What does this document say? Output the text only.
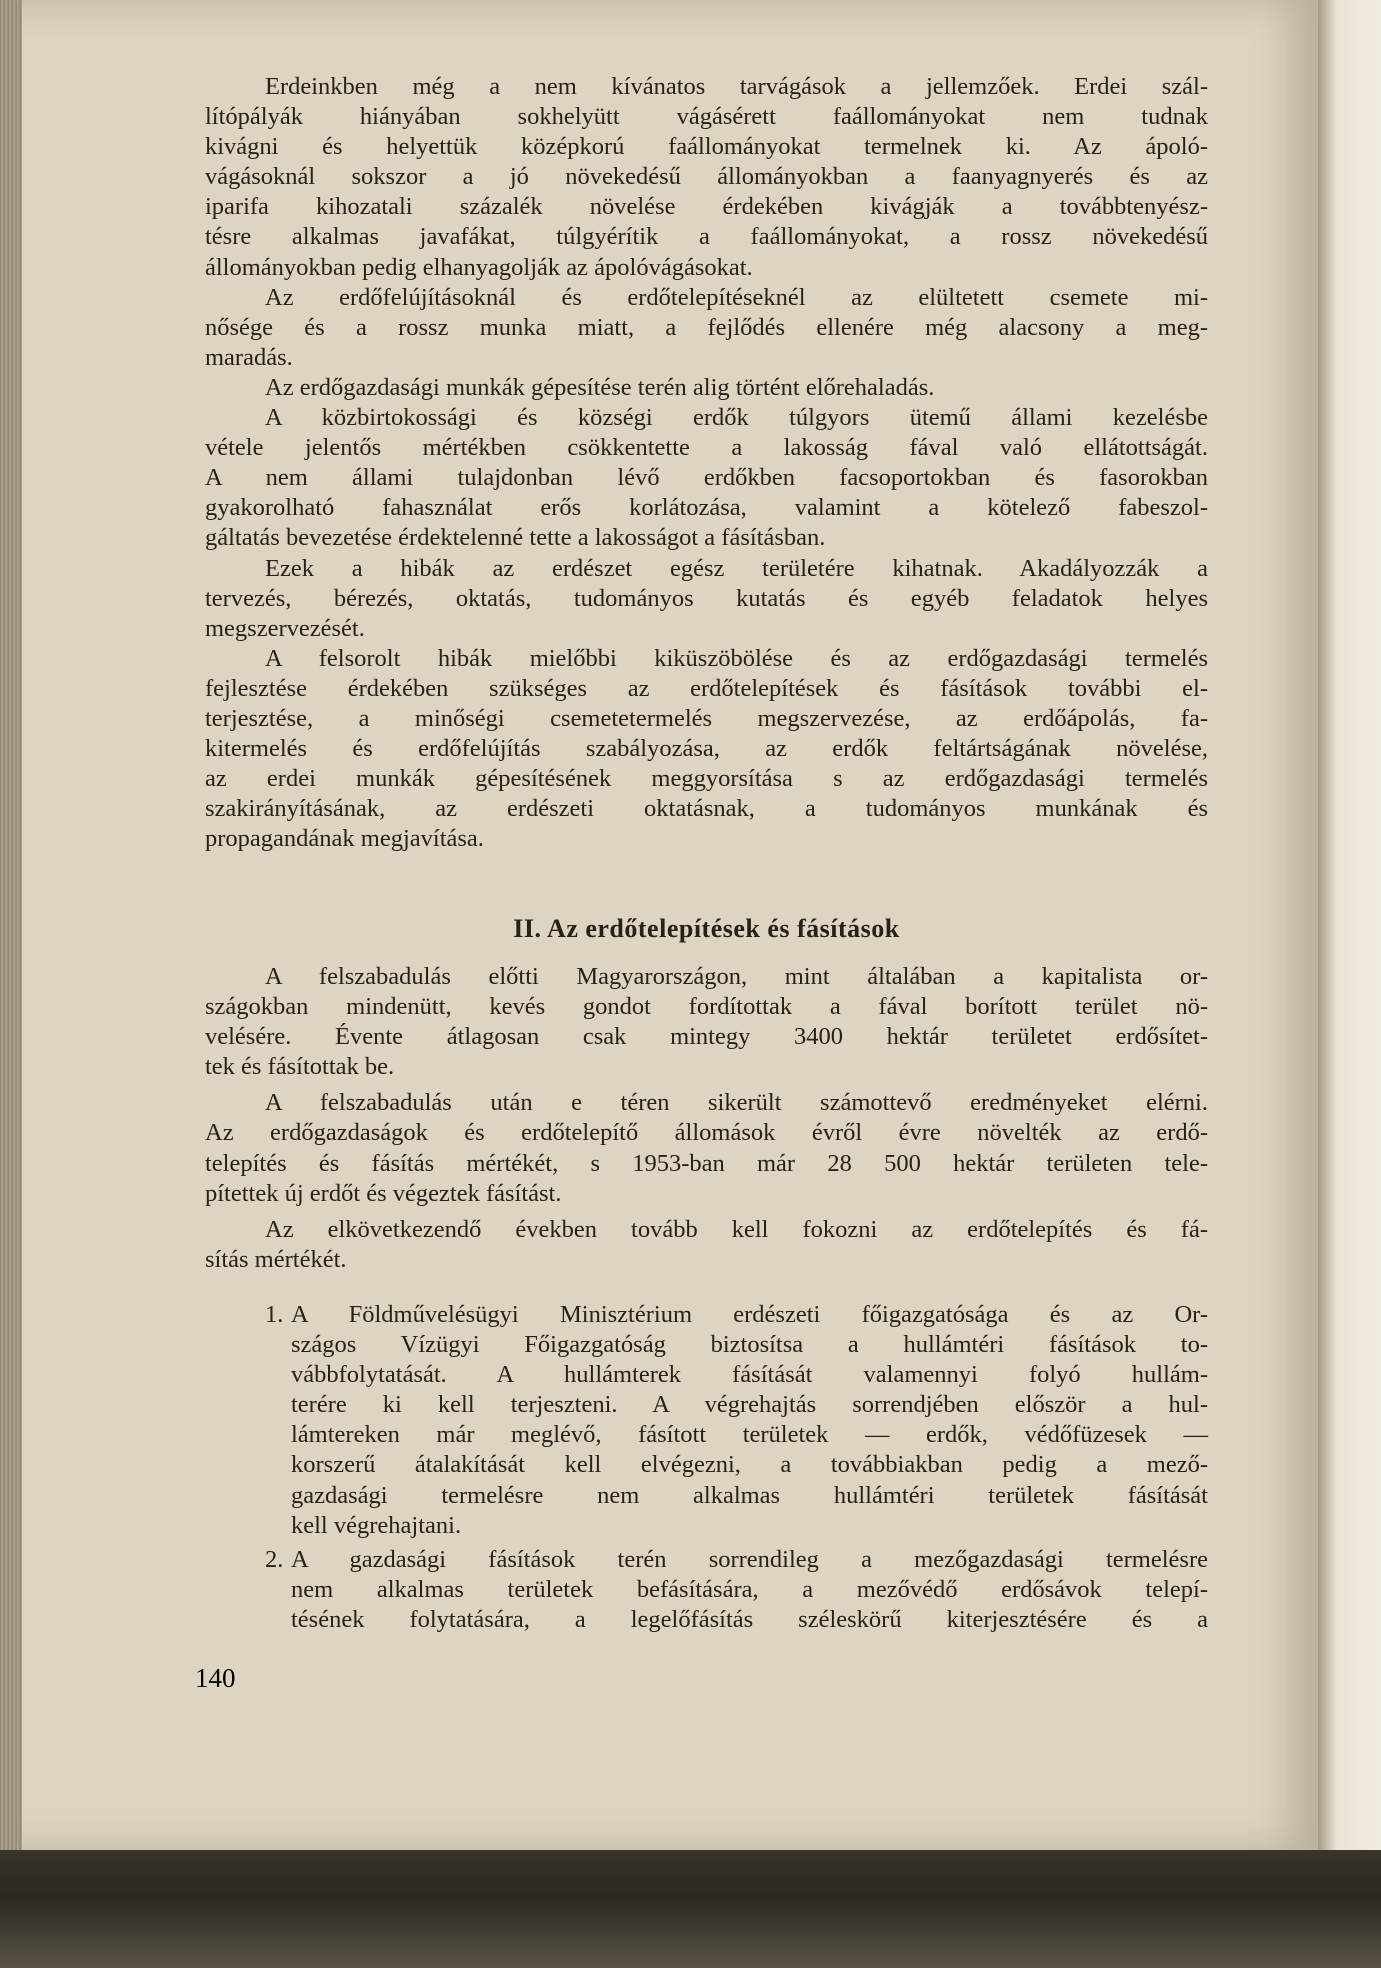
Erdeinkben még a nem kívánatos tarvágások a jellemzőek. Erdei szál-
lítópályák hiányában sokhelyütt vágásérett faállományokat nem tudnak
kivágni és helyettük középkorú faállományokat termelnek ki. Az ápoló-
vágásoknál sokszor a jó növekedésű állományokban a faanyagnyerés és az
iparifa kihozatali százalék növelése érdekében kivágják a továbbtenyész-
tésre alkalmas javafákat, túlgyérítik a faállományokat, a rossz növekedésű
állományokban pedig elhanyagolják az ápolóvágásokat.
Az erdőfelújításoknál és erdőtelepítéseknél az elültetett csemete mi-
nősége és a rossz munka miatt, a fejlődés ellenére még alacsony a meg-
maradás.
Az erdőgazdasági munkák gépesítése terén alig történt előrehaladás.
A közbirtokossági és községi erdők túlgyors ütemű állami kezelésbe
vétele jelentős mértékben csökkentette a lakosság fával való ellátottságát.
A nem állami tulajdonban lévő erdőkben facsoportokban és fasorokban
gyakorolható fahasználat erős korlátozása, valamint a kötelező fabeszol-
gáltatás bevezetése érdektelenné tette a lakosságot a fásításban.
Ezek a hibák az erdészet egész területére kihatnak. Akadályozzák a
tervezés, bérezés, oktatás, tudományos kutatás és egyéb feladatok helyes
megszervezését.
A felsorolt hibák mielőbbi kiküszöbölése és az erdőgazdasági termelés
fejlesztése érdekében szükséges az erdőtelepítések és fásítások további el-
terjesztése, a minőségi csemetetermelés megszervezése, az erdőápolás, fa-
kitermelés és erdőfelújítás szabályozása, az erdők feltártságának növelése,
az erdei munkák gépesítésének meggyorsítása s az erdőgazdasági termelés
szakirányításának, az erdészeti oktatásnak, a tudományos munkának és
propagandának megjavítása.
II. Az erdőtelepítések és fásítások
A felszabadulás előtti Magyarországon, mint általában a kapitalista or-
szágokban mindenütt, kevés gondot fordítottak a fával borított terület nö-
velésére. Évente átlagosan csak mintegy 3400 hektár területet erdősítet-
tek és fásítottak be.
A felszabadulás után e téren sikerült számottevő eredményeket elérni.
Az erdőgazdaságok és erdőtelepítő állomások évről évre növelték az erdő-
telepítés és fásítás mértékét, s 1953-ban már 28 500 hektár területen tele-
pítettek új erdőt és végeztek fásítást.
Az elkövetkezendő években tovább kell fokozni az erdőtelepítés és fá-
sítás mértékét.
1. A Földművelésügyi Minisztérium erdészeti főigazgatósága és az Or-
szágos Vízügyi Főigazgatóság biztosítsa a hullámtéri fásítások to-
vábbfolytatását. A hullámterek fásítását valamennyi folyó hullám-
terére ki kell terjeszteni. A végrehajtás sorrendjében először a hul-
lámtereken már meglévő, fásított területek — erdők, védőfüzesek —
korszerű átalakítását kell elvégezni, a továbbiakban pedig a mező-
gazdasági termelésre nem alkalmas hullámtéri területek fásítását
kell végrehajtani.
2. A gazdasági fásítások terén sorrendileg a mezőgazdasági termelésre
nem alkalmas területek befásítására, a mezővédő erdősávok telepí-
tésének folytatására, a legelőfásítás széleskörű kiterjesztésére és a
140
